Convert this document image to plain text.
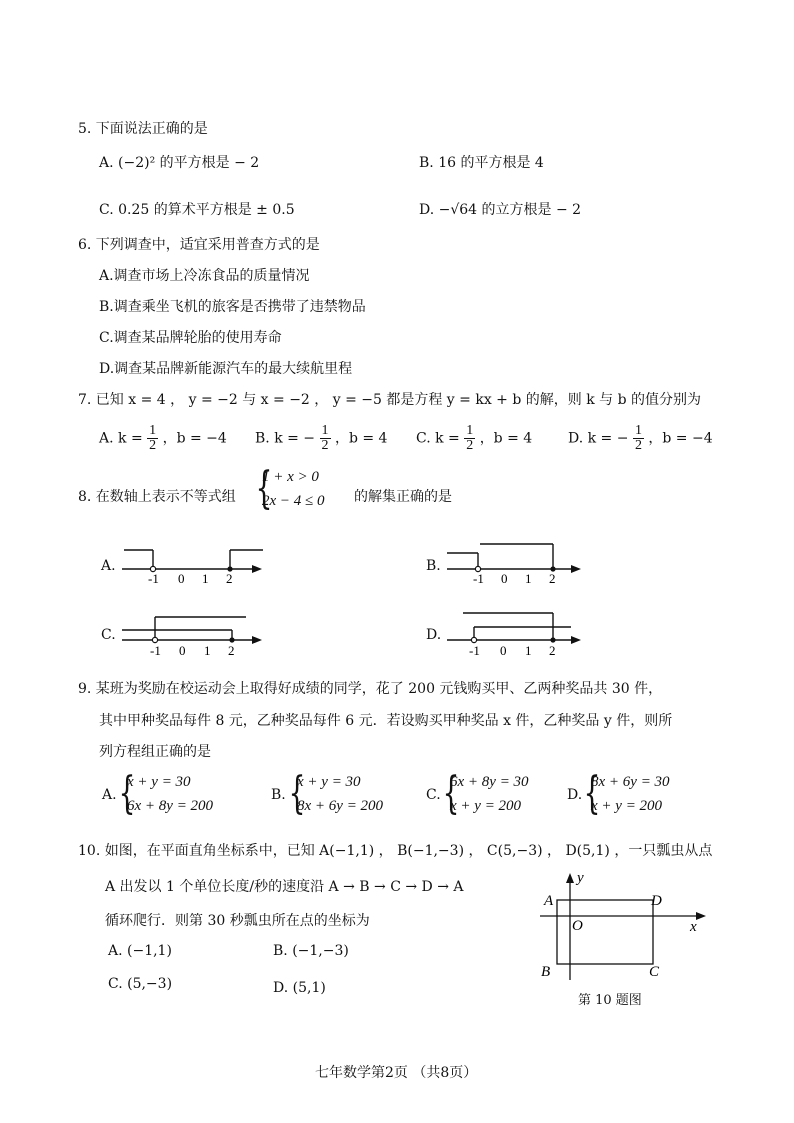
5. 下面说法正确的是
A. (−2)² 的平方根是 − 2	B. 16 的平方根是 4
C. 0.25 的算术平方根是 ± 0.5	D. −√64 的立方根是 − 2
6. 下列调查中，适宜采用普查方式的是
A.调查市场上冷冻食品的质量情况
B.调查乘坐飞机的旅客是否携带了违禁物品
C.调查某品牌轮胎的使用寿命
D.调查某品牌新能源汽车的最大续航里程
7. 已知 x = 4 ， y = −2 与 x = −2 ， y = −5 都是方程 y = kx + b 的解，则 k 与 b 的值分别为
A. $k = \frac{1}{2}$ ，b = −4 B. k = − $\frac{1}{2}$ ，b = 4 C. $k = \frac{1}{2}$ ，b = 4	D. k = − $\frac{1}{2}$ ，b = −4
8. 在数轴上表示不等式组 {
1 + x > 0
2x − 4 ≤ 0 的解集正确的是
A.	B.
C.	D.
-1 0 1 2	-1 0 1 2
-1 0 1 2	-1 0 1 2
9. 某班为奖励在校运动会上取得好成绩的同学，花了 200 元钱购买甲、乙两种奖品共 30 件，
其中甲种奖品每件 8 元，乙种奖品每件 6 元．若设购买甲种奖品 x 件，乙种奖品 y 件，则所
列方程组正确的是
A. {
x + y = 30
6x + 8y = 200
B. {
x + y = 30
8x + 6y = 200
C. {
6x + 8y = 30
x + y = 200
D. {
8x + 6y = 30
x + y = 200
10. 如图，在平面直角坐标系中，已知 A(−1,1) ， B(−1,−3) ， C(5,−3) ， D(5,1) ，一只瓢虫从点
A 出发以 1 个单位长度/秒的速度沿 A → B → C → D → A
循环爬行．则第 30 秒瓢虫所在点的坐标为
A. (−1,1)	B. (−1,−3)
C. (5,−3)	D. (5,1)
A
B	C
D
O	x
y
第 10 题图
七年数学第2页 （共8页）
